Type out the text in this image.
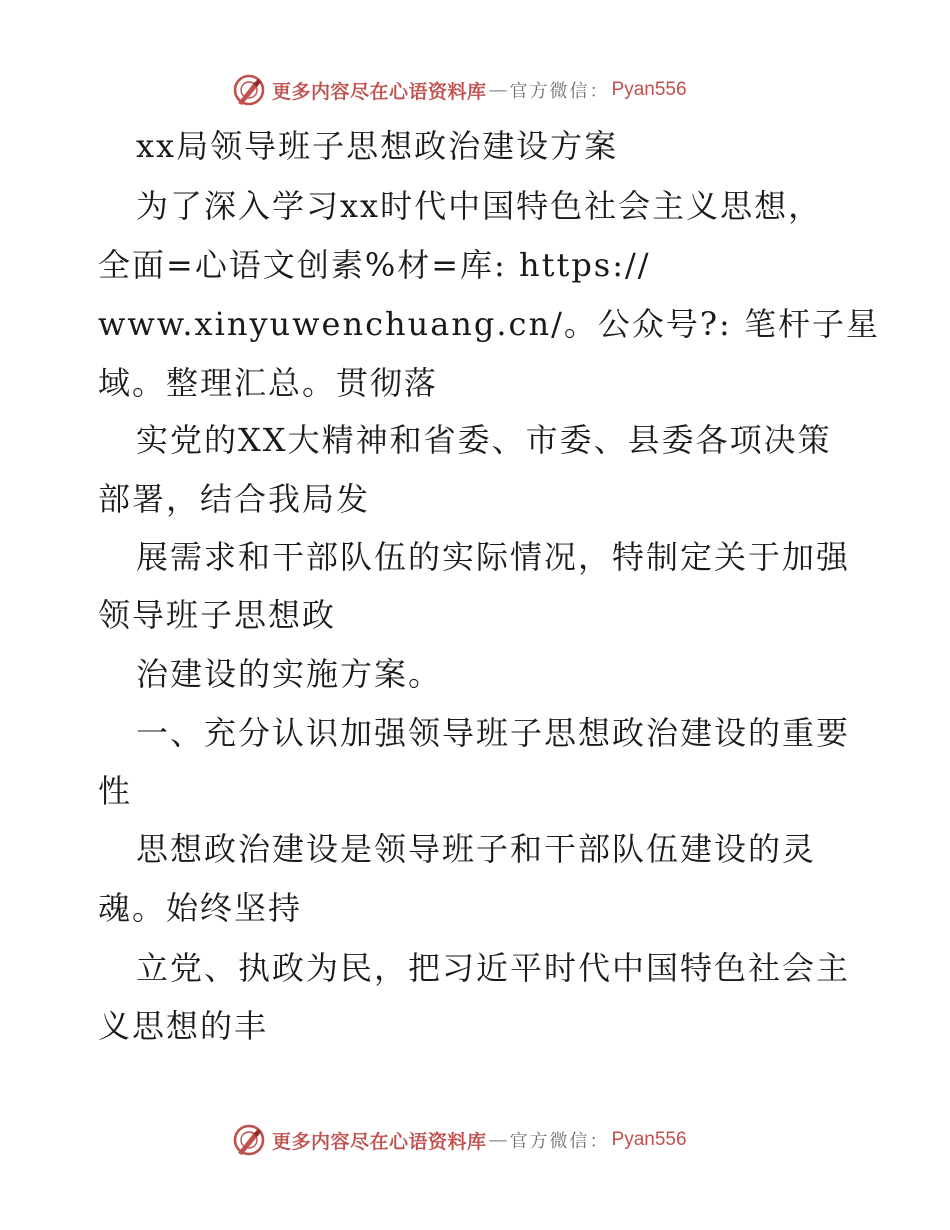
更多内容尽在心语资料库 — 官方微信： Pyan556
xx局领导班子思想政治建设方案
为了深入学习xx时代中国特色社会主义思想，
全面=心语文创素%材=库: https://
www.xinyuwenchuang.cn/。公众号?: 笔杆子星
域。整理汇总。贯彻落
实党的XX大精神和省委、市委、县委各项决策
部署，结合我局发
展需求和干部队伍的实际情况，特制定关于加强
领导班子思想政
治建设的实施方案。
一、充分认识加强领导班子思想政治建设的重要
性
思想政治建设是领导班子和干部队伍建设的灵
魂。始终坚持
立党、执政为民，把习近平时代中国特色社会主
义思想的丰
更多内容尽在心语资料库 — 官方微信： Pyan556
